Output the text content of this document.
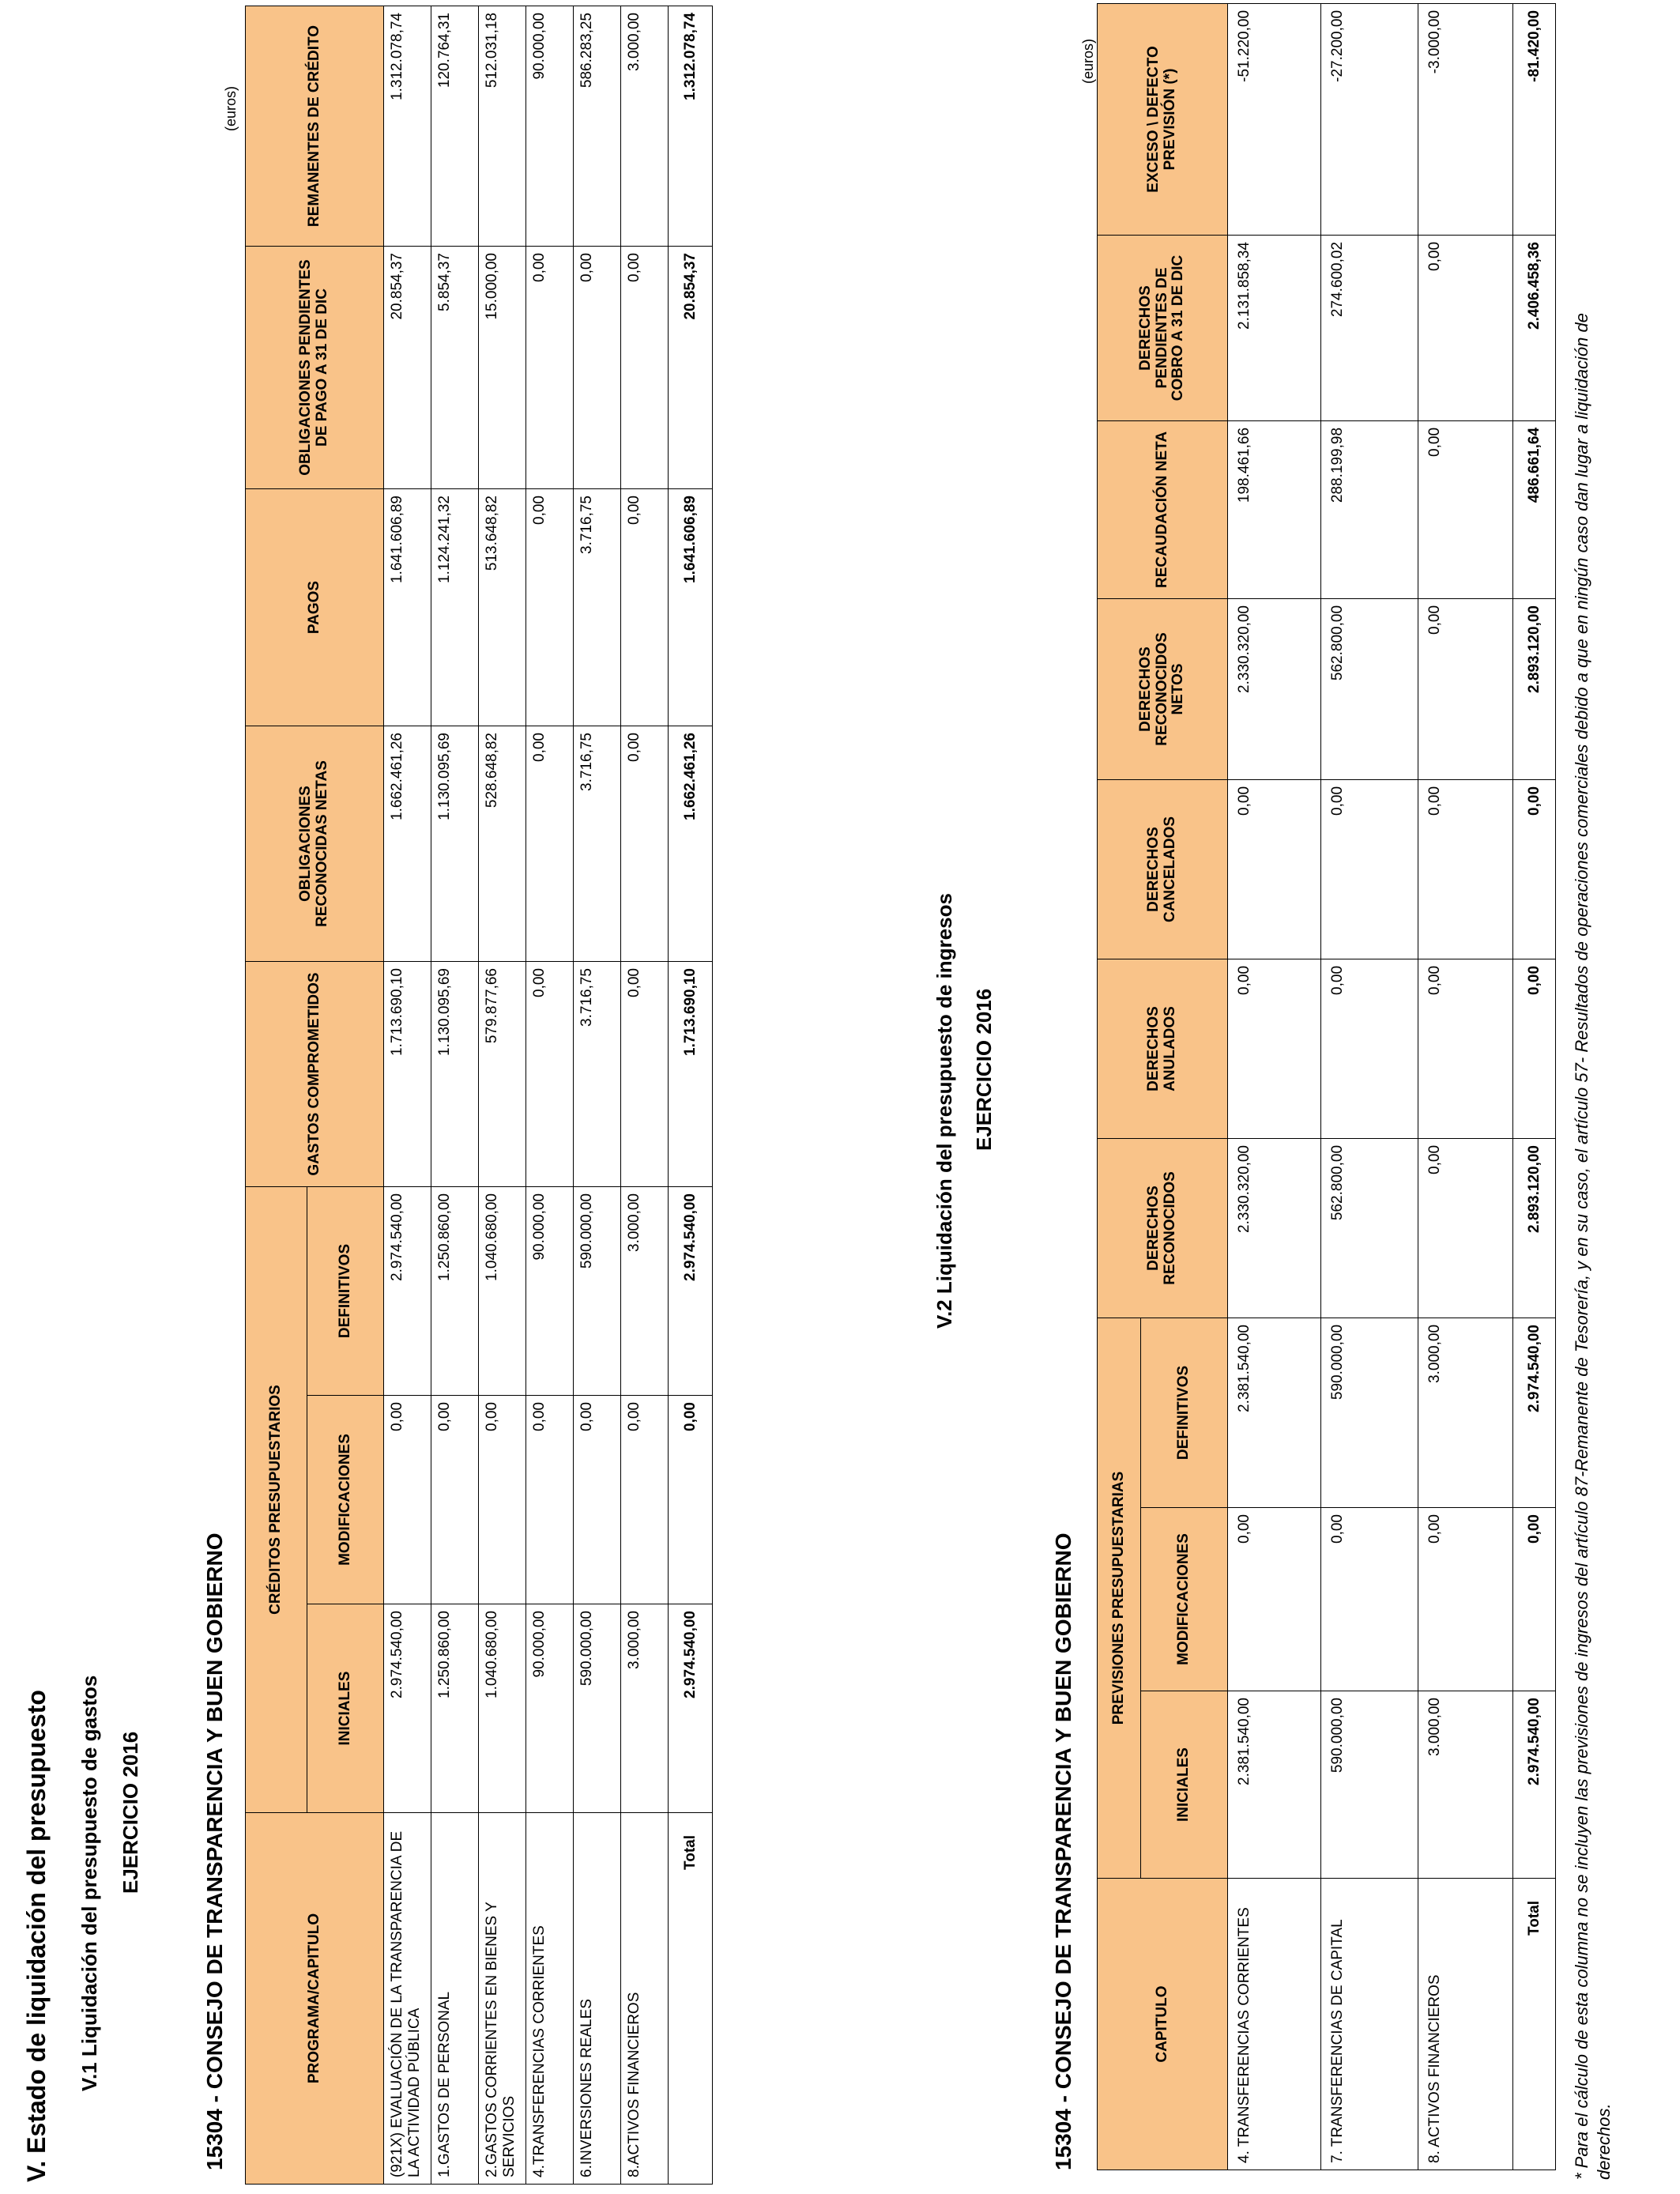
V. Estado de liquidación del presupuesto V.1 Liquidación del presupuesto de gastos EJERCICIO 2016	15304 - CONSEJO DE TRANSPARENCIA Y BUEN GOBIERNO
(euros)
PROGRAMA/CAPITULO	CRÉDITOS PRESUPUESTARIOS			GASTOS COMPROMETIDOS	OBLIGACIONES RECONOCIDAS NETAS	PAGOS	OBLIGACIONES PENDIENTES DE PAGO A 31 DE DIC	REMANENTES DE CRÉDITO
	INICIALES	MODIFICACIONES	DEFINITIVOS					
(921X) EVALUACIÓN DE LA TRANSPARENCIA DE LA ACTIVIDAD PÚBLICA	2.974.540,00	0,00	2.974.540,00	1.713.690,10	1.662.461,26	1.641.606,89	20.854,37	1.312.078,74
1.GASTOS DE PERSONAL	1.250.860,00	0,00	1.250.860,00	1.130.095,69	1.130.095,69	1.124.241,32	5.854,37	120.764,31
2.GASTOS CORRIENTES EN BIENES Y SERVICIOS	1.040.680,00	0,00	1.040.680,00	579.877,66	528.648,82	513.648,82	15.000,00	512.031,18
4.TRANSFERENCIAS CORRIENTES	90.000,00	0,00	90.000,00	0,00	0,00	0,00	0,00	90.000,00
6.INVERSIONES REALES	590.000,00	0,00	590.000,00	3.716,75	3.716,75	3.716,75	0,00	586.283,25
8.ACTIVOS FINANCIEROS	3.000,00	0,00	3.000,00	0,00	0,00	0,00	0,00	3.000,00
Total	2.974.540,00	0,00	2.974.540,00	1.713.690,10	1.662.461,26	1.641.606,89	20.854,37	1.312.078,74
V.2 Liquidación del presupuesto de ingresos EJERCICIO 2016
15304 - CONSEJO DE TRANSPARENCIA Y BUEN GOBIERNO
(euros)
CAPITULO	PREVISIONES PRESUPUESTARIAS			DERECHOS RECONOCIDOS	DERECHOS ANULADOS	DERECHOS CANCELADOS	DERECHOS RECONOCIDOS NETOS	RECAUDACIÓN NETA	DERECHOS PENDIENTES DE COBRO A 31 DE DIC	EXCESO \ DEFECTO PREVISIÓN (*)
	INICIALES	MODIFICACIONES	DEFINITIVOS							
4. TRANSFERENCIAS CORRIENTES	2.381.540,00	0,00	2.381.540,00	2.330.320,00	0,00	0,00	2.330.320,00	198.461,66	2.131.858,34	-51.220,00
7. TRANSFERENCIAS DE CAPITAL	590.000,00	0,00	590.000,00	562.800,00	0,00	0,00	562.800,00	288.199,98	274.600,02	-27.200,00
8. ACTIVOS FINANCIEROS	3.000,00	0,00	3.000,00	0,00	0,00	0,00	0,00	0,00	0,00	-3.000,00
Total	2.974.540,00	0,00	2.974.540,00	2.893.120,00	0,00	0,00	2.893.120,00	486.661,64	2.406.458,36	-81.420,00
* Para el cálculo de esta columna no se incluyen las previsiones de ingresos del artículo 87-Remanente de Tesorería, y en su caso, el artículo 57- Resultados de operaciones comerciales debido a que en ningún caso dan lugar a liquidación de derechos.
